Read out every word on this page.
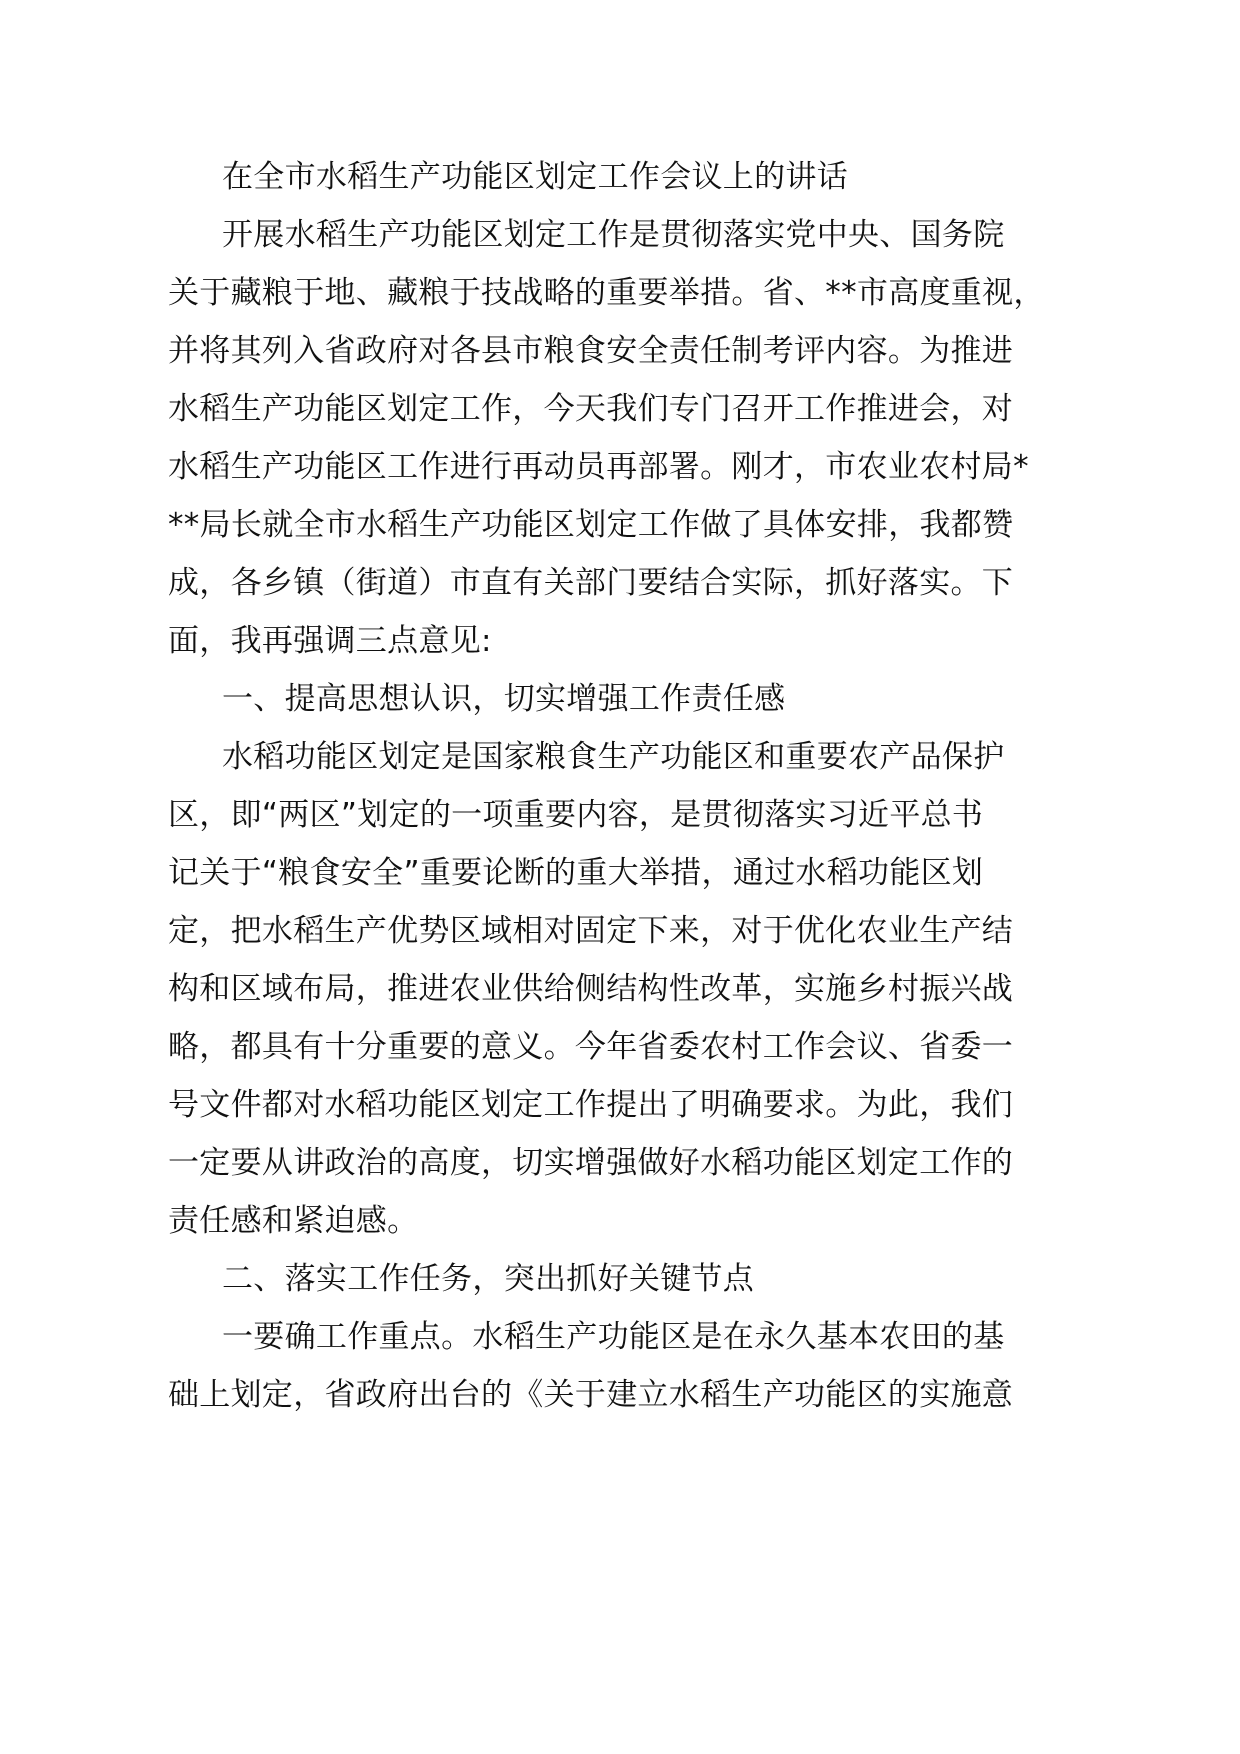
在全市水稻生产功能区划定工作会议上的讲话

开展水稻生产功能区划定工作是贯彻落实党中央、国务院

关于藏粮于地、藏粮于技战略的重要举措。省、**市高度重视，

并将其列入省政府对各县市粮食安全责任制考评内容。为推进

水稻生产功能区划定工作，今天我们专门召开工作推进会，对

水稻生产功能区工作进行再动员再部署。刚才，市农业农村局*

**局长就全市水稻生产功能区划定工作做了具体安排，我都赞

成，各乡镇（街道）市直有关部门要结合实际，抓好落实。下

面，我再强调三点意见:

一、提高思想认识，切实增强工作责任感

水稻功能区划定是国家粮食生产功能区和重要农产品保护

区，即“两区”划定的一项重要内容，是贯彻落实习近平总书

记关于“粮食安全”重要论断的重大举措，通过水稻功能区划

定，把水稻生产优势区域相对固定下来，对于优化农业生产结

构和区域布局，推进农业供给侧结构性改革，实施乡村振兴战

略，都具有十分重要的意义。今年省委农村工作会议、省委一

号文件都对水稻功能区划定工作提出了明确要求。为此，我们

一定要从讲政治的高度，切实增强做好水稻功能区划定工作的

责任感和紧迫感。

二、落实工作任务，突出抓好关键节点

一要确工作重点。水稻生产功能区是在永久基本农田的基

础上划定，省政府出台的《关于建立水稻生产功能区的实施意
